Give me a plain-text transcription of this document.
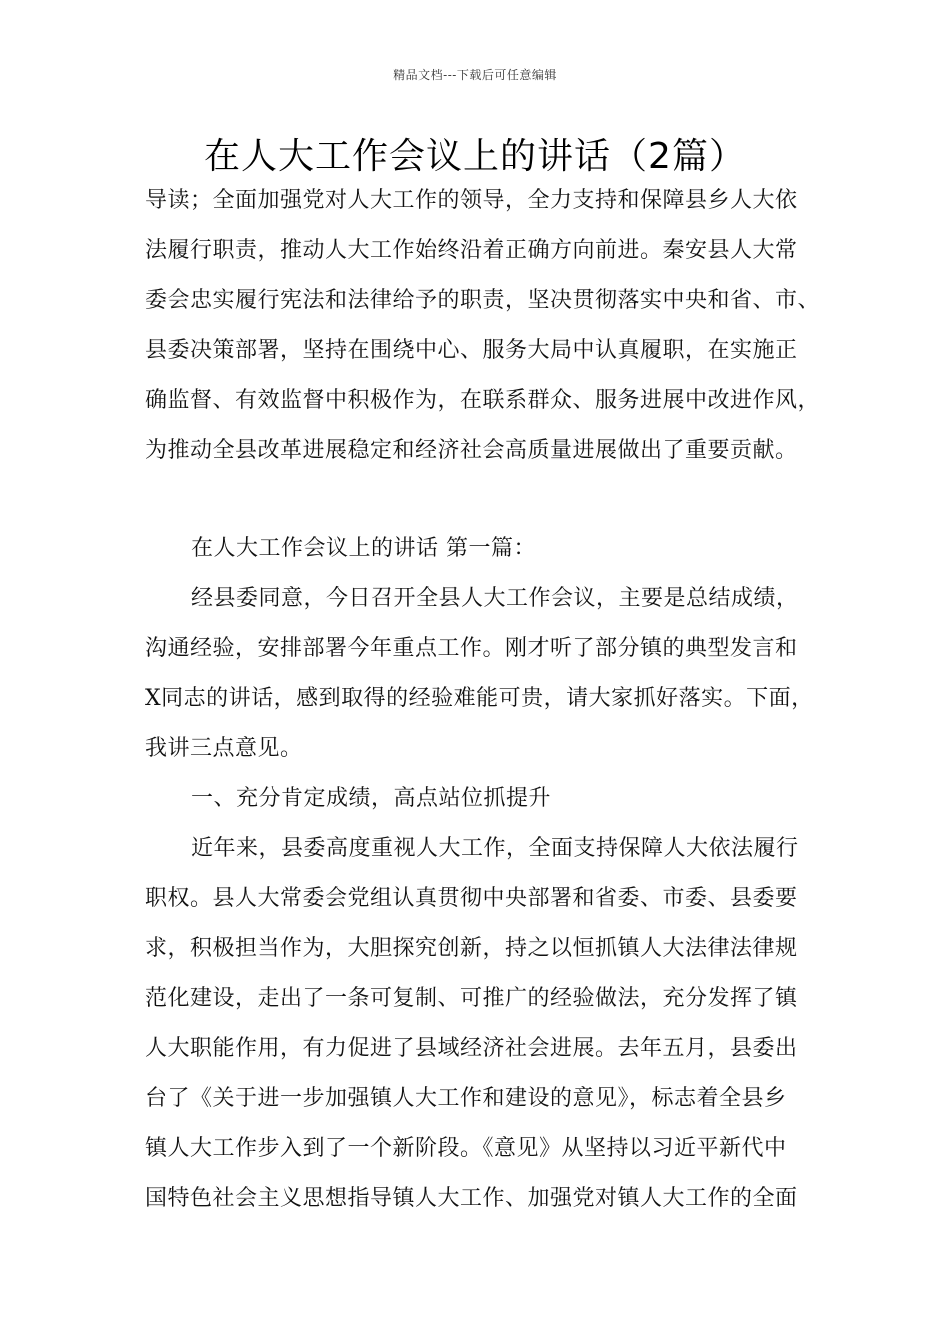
精品文档---下载后可任意编辑
在人大工作会议上的讲话（2篇）
导读；全面加强党对人大工作的领导，全力支持和保障县乡人大依
法履行职责，推动人大工作始终沿着正确方向前进。秦安县人大常
委会忠实履行宪法和法律给予的职责，坚决贯彻落实中央和省、市、
县委决策部署，坚持在围绕中心、服务大局中认真履职，在实施正
确监督、有效监督中积极作为，在联系群众、服务进展中改进作风，
为推动全县改革进展稳定和经济社会高质量进展做出了重要贡献。
在人大工作会议上的讲话 第一篇：
经县委同意，今日召开全县人大工作会议，主要是总结成绩，
沟通经验，安排部署今年重点工作。刚才听了部分镇的典型发言和
X同志的讲话，感到取得的经验难能可贵，请大家抓好落实。下面，
我讲三点意见。
一、充分肯定成绩，高点站位抓提升
近年来，县委高度重视人大工作，全面支持保障人大依法履行
职权。县人大常委会党组认真贯彻中央部署和省委、市委、县委要
求，积极担当作为，大胆探究创新，持之以恒抓镇人大法律法律规
范化建设，走出了一条可复制、可推广的经验做法，充分发挥了镇
人大职能作用，有力促进了县域经济社会进展。去年五月，县委出
台了《关于进一步加强镇人大工作和建设的意见》，标志着全县乡
镇人大工作步入到了一个新阶段。《意见》从坚持以习近平新代中
国特色社会主义思想指导镇人大工作、加强党对镇人大工作的全面
